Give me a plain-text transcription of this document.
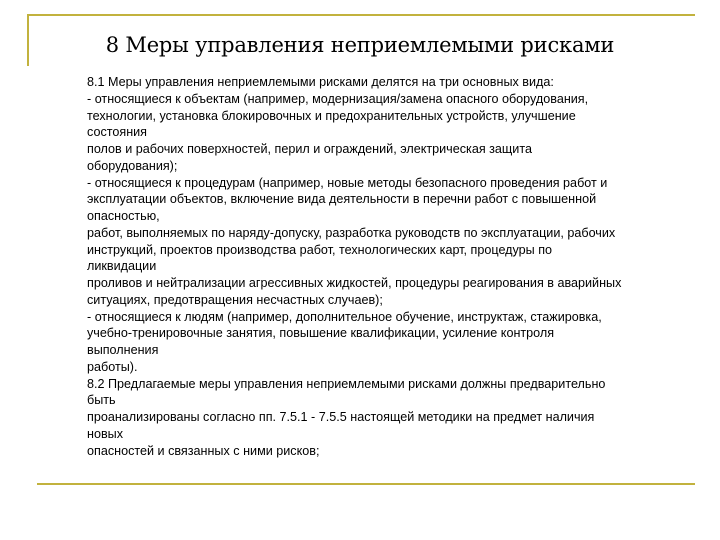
8 Меры управления неприемлемыми рисками
8.1 Меры управления неприемлемыми рисками делятся на три основных вида:
- относящиеся к объектам (например, модернизация/замена опасного оборудования,
технологии, установка блокировочных и предохранительных устройств, улучшение
состояния
полов и рабочих поверхностей, перил и ограждений, электрическая защита
оборудования);
- относящиеся к процедурам (например, новые методы безопасного проведения работ и
эксплуатации объектов, включение вида деятельности в перечни работ с повышенной
опасностью,
работ, выполняемых по наряду-допуску, разработка руководств по эксплуатации, рабочих
инструкций, проектов производства работ, технологических карт, процедуры по
ликвидации
проливов и нейтрализации агрессивных жидкостей, процедуры реагирования в аварийных
ситуациях, предотвращения несчастных случаев);
- относящиеся к людям (например, дополнительное обучение, инструктаж, стажировка,
учебно-тренировочные занятия, повышение квалификации, усиление контроля
выполнения
работы).
8.2 Предлагаемые меры управления неприемлемыми рисками должны предварительно
быть
проанализированы согласно пп. 7.5.1 - 7.5.5 настоящей методики на предмет наличия
новых
опасностей и связанных с ними рисков;
